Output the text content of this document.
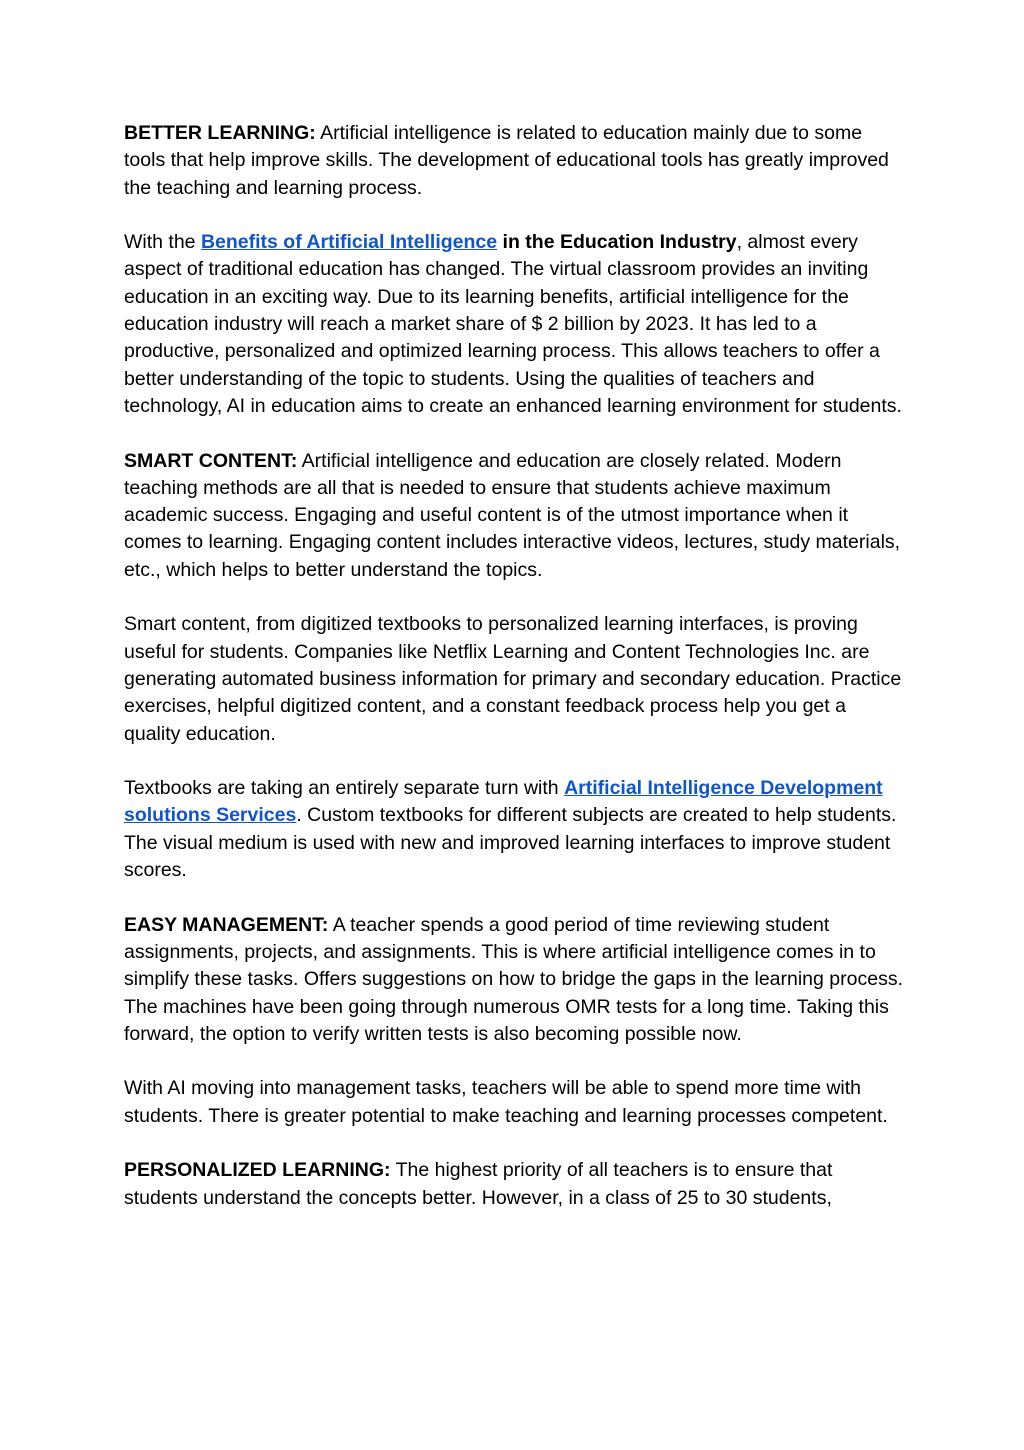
BETTER LEARNING: Artificial intelligence is related to education mainly due to some tools that help improve skills. The development of educational tools has greatly improved the teaching and learning process.

With the Benefits of Artificial Intelligence in the Education Industry, almost every aspect of traditional education has changed. The virtual classroom provides an inviting education in an exciting way. Due to its learning benefits, artificial intelligence for the education industry will reach a market share of $ 2 billion by 2023. It has led to a productive, personalized and optimized learning process. This allows teachers to offer a better understanding of the topic to students. Using the qualities of teachers and technology, AI in education aims to create an enhanced learning environment for students.

SMART CONTENT: Artificial intelligence and education are closely related. Modern teaching methods are all that is needed to ensure that students achieve maximum academic success. Engaging and useful content is of the utmost importance when it comes to learning. Engaging content includes interactive videos, lectures, study materials, etc., which helps to better understand the topics.

Smart content, from digitized textbooks to personalized learning interfaces, is proving useful for students. Companies like Netflix Learning and Content Technologies Inc. are generating automated business information for primary and secondary education. Practice exercises, helpful digitized content, and a constant feedback process help you get a quality education.

Textbooks are taking an entirely separate turn with Artificial Intelligence Development solutions Services. Custom textbooks for different subjects are created to help students. The visual medium is used with new and improved learning interfaces to improve student scores.

EASY MANAGEMENT: A teacher spends a good period of time reviewing student assignments, projects, and assignments. This is where artificial intelligence comes in to simplify these tasks. Offers suggestions on how to bridge the gaps in the learning process. The machines have been going through numerous OMR tests for a long time. Taking this forward, the option to verify written tests is also becoming possible now.

With AI moving into management tasks, teachers will be able to spend more time with students. There is greater potential to make teaching and learning processes competent.

PERSONALIZED LEARNING: The highest priority of all teachers is to ensure that students understand the concepts better. However, in a class of 25 to 30 students,
